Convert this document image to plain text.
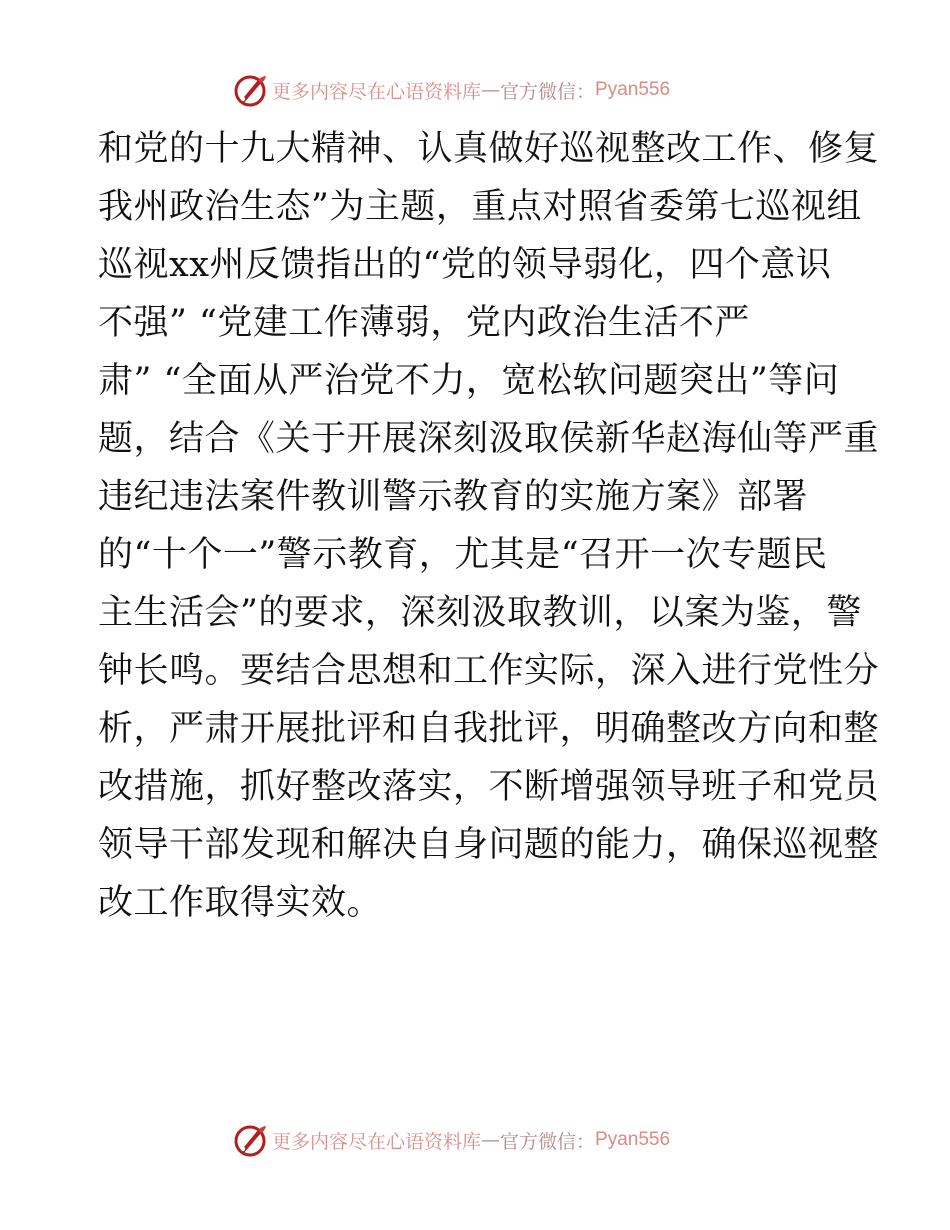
更多内容尽在心语资料库 — 官方微信： Pyan556
和党的十九大精神、认真做好巡视整改工作、修复
我州政治生态”为主题，重点对照省委第七巡视组
巡视xx州反馈指出的“党的领导弱化，四个意识
不强” “党建工作薄弱，党内政治生活不严
肃” “全面从严治党不力，宽松软问题突出”等问
题，结合《关于开展深刻汲取侯新华赵海仙等严重
违纪违法案件教训警示教育的实施方案》部署
的“十个一”警示教育，尤其是“召开一次专题民
主生活会”的要求，深刻汲取教训，以案为鉴，警
钟长鸣。要结合思想和工作实际，深入进行党性分
析，严肃开展批评和自我批评，明确整改方向和整
改措施，抓好整改落实，不断增强领导班子和党员
领导干部发现和解决自身问题的能力，确保巡视整
改工作取得实效。
更多内容尽在心语资料库 — 官方微信： Pyan556
